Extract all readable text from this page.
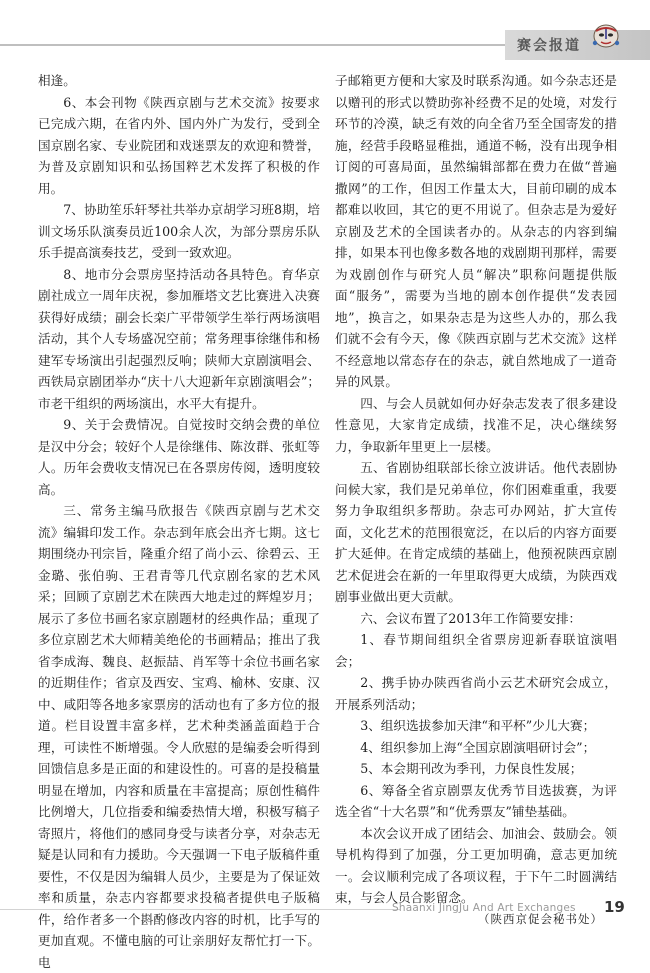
赛会报道

相逢。

6、本会刊物《陕西京剧与艺术交流》按要求已完成六期，在省内外、国内外广为发行，受到全国京剧名家、专业院团和戏迷票友的欢迎和赞誉，为普及京剧知识和弘扬国粹艺术发挥了积极的作用。

7、协助笙乐轩琴社共举办京胡学习班8期，培训文场乐队演奏员近100余人次，为部分票房乐队乐手提高演奏技艺，受到一致欢迎。

8、地市分会票房坚持活动各具特色。育华京剧社成立一周年庆祝，参加雁塔文艺比赛进入决赛获得好成绩；副会长栾广平带领学生举行两场演唱活动，其个人专场盛况空前；常务理事徐继伟和杨建军专场演出引起强烈反响；陕师大京剧演唱会、西铁局京剧团举办“庆十八大迎新年京剧演唱会”；市老干组织的两场演出，水平大有提升。

9、关于会费情况。自觉按时交纳会费的单位是汉中分会；较好个人是徐继伟、陈汝群、张虹等人。历年会费收支情况已在各票房传阅，透明度较高。

三、常务主编马欣报告《陕西京剧与艺术交流》编辑印发工作。杂志到年底会出齐七期。这七期围绕办刊宗旨，隆重介绍了尚小云、徐碧云、王金璐、张伯驹、王君青等几代京剧名家的艺术风采；回顾了京剧艺术在陕西大地走过的辉煌岁月；展示了多位书画名家京剧题材的经典作品；重现了多位京剧艺术大师精美绝伦的书画精品；推出了我省李成海、魏良、赵振喆、肖军等十余位书画名家的近期佳作；省京及西安、宝鸡、榆林、安康、汉中、咸阳等各地多家票房的活动也有了多方位的报道。栏目设置丰富多样，艺术种类涵盖面趋于合理，可读性不断增强。令人欣慰的是编委会听得到回馈信息多是正面的和建设性的。可喜的是投稿量明显在增加，内容和质量在丰富提高；原创性稿件比例增大，几位指委和编委热情大增，积极写稿子寄照片，将他们的感同身受与读者分享，对杂志无疑是认同和有力援助。今天强调一下电子版稿件重要性，不仅是因为编辑人员少，主要是为了保证效率和质量，杂志内容都要求投稿者提供电子版稿件，给作者多一个斟酌修改内容的时机，比手写的更加直观。不懂电脑的可让亲朋好友帮忙打一下。电

子邮箱更方便和大家及时联系沟通。如今杂志还是以赠刊的形式以赞助弥补经费不足的处境，对发行环节的冷漠，缺乏有效的向全省乃至全国寄发的措施，经营手段略显稚拙，通道不畅，没有出现争相订阅的可喜局面，虽然编辑部都在费力在做“普遍撒网”的工作，但因工作量太大，目前印刷的成本都难以收回，其它的更不用说了。但杂志是为爱好京剧及艺术的全国读者办的。从杂志的内容到编排，如果本刊也像多数各地的戏剧期刊那样，需要为戏剧创作与研究人员“解决”职称问题提供版面“服务”，需要为当地的剧本创作提供“发表园地”，换言之，如果杂志是为这些人办的，那么我们就不会有今天，像《陕西京剧与艺术交流》这样不经意地以常态存在的杂志，就自然地成了一道奇异的风景。

四、与会人员就如何办好杂志发表了很多建设性意见，大家肯定成绩，找准不足，决心继续努力，争取新年里更上一层楼。

五、省剧协组联部长徐立波讲话。他代表剧协问候大家，我们是兄弟单位，你们困难重重，我要努力争取组织多帮助。杂志可办网站，扩大宣传面，文化艺术的范围很宽泛，在以后的内容方面要扩大延伸。在肯定成绩的基础上，他预祝陕西京剧艺术促进会在新的一年里取得更大成绩，为陕西戏剧事业做出更大贡献。

六、会议布置了2013年工作简要安排：

1、春节期间组织全省票房迎新春联谊演唱会；

2、携手协办陕西省尚小云艺术研究会成立，开展系列活动；

3、组织选拔参加天津“和平杯”少儿大赛；

4、组织参加上海“全国京剧演唱研讨会”；

5、本会期刊改为季刊，力保良性发展；

6、筹备全省京剧票友优秀节目选拔赛，为评选全省“十大名票”和“优秀票友”铺垫基础。

本次会议开成了团结会、加油会、鼓励会。领导机构得到了加强，分工更加明确，意志更加统一。会议顺利完成了各项议程，于下午二时圆满结束，与会人员合影留念。

（陕西京促会秘书处）

Shaanxi JingJu And Art Exchanges 19
